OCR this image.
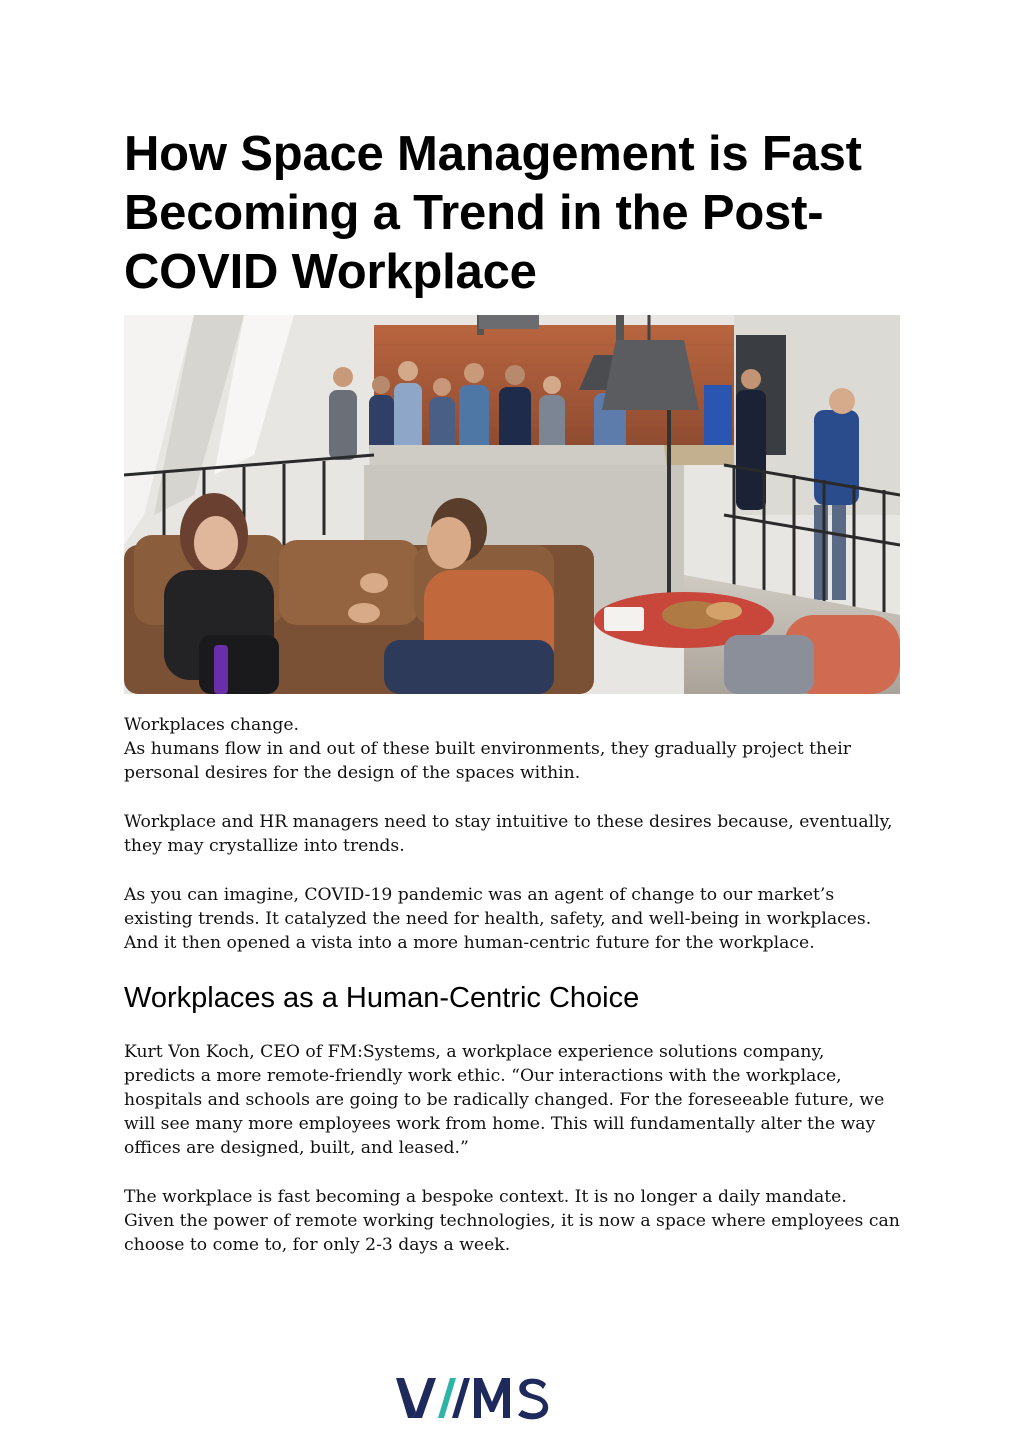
How Space Management is Fast Becoming a Trend in the Post-COVID Workplace

Workplaces change.
As humans flow in and out of these built environments, they gradually project their personal desires for the design of the spaces within.

Workplace and HR managers need to stay intuitive to these desires because, eventually, they may crystallize into trends.

As you can imagine, COVID-19 pandemic was an agent of change to our market’s existing trends. It catalyzed the need for health, safety, and well-being in workplaces. And it then opened a vista into a more human-centric future for the workplace.

Workplaces as a Human-Centric Choice

Kurt Von Koch, CEO of FM:Systems, a workplace experience solutions company, predicts a more remote-friendly work ethic. “Our interactions with the workplace, hospitals and schools are going to be radically changed. For the foreseeable future, we will see many more employees work from home. This will fundamentally alter the way offices are designed, built, and leased.”

The workplace is fast becoming a bespoke context. It is no longer a daily mandate. Given the power of remote working technologies, it is now a space where employees can choose to come to, for only 2-3 days a week.
